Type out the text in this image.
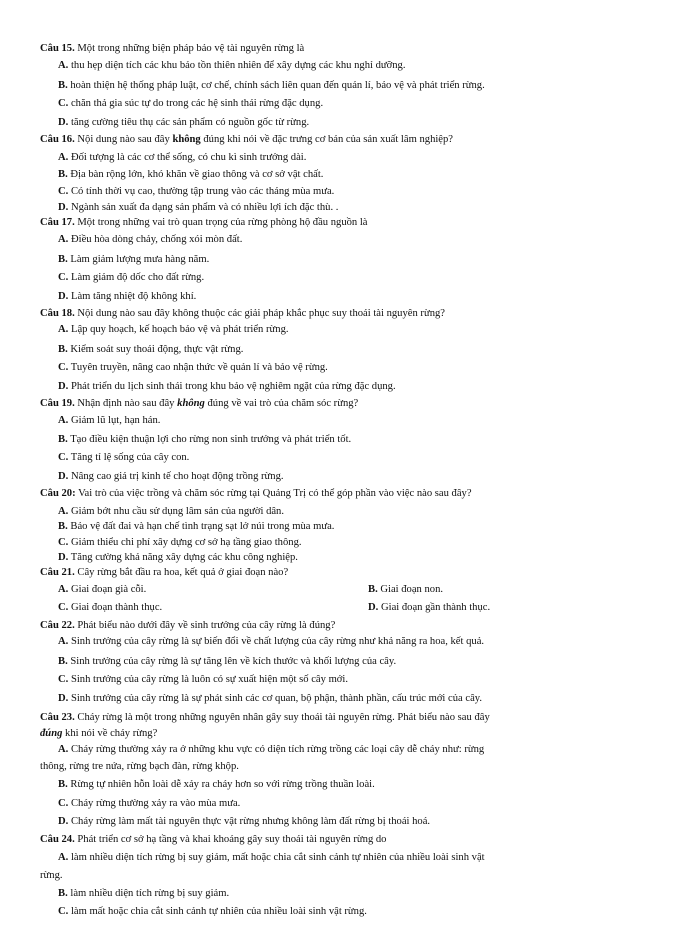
Câu 15. Một trong những biện pháp bảo vệ tài nguyên rừng là
A. thu hẹp diện tích các khu bảo tồn thiên nhiên để xây dựng các khu nghỉ dưỡng.
B. hoàn thiện hệ thống pháp luật, cơ chế, chính sách liên quan đến quản lí, bảo vệ và phát triển rừng.
C. chăn thả gia súc tự do trong các hệ sinh thái rừng đặc dụng.
D. tăng cường tiêu thụ các sản phẩm có nguồn gốc từ rừng.
Câu 16. Nội dung nào sau đây không đúng khi nói về đặc trưng cơ bản của sản xuất lâm nghiệp?
A. Đối tượng là các cơ thể sống, có chu kì sinh trưởng dài.
B. Địa bàn rộng lớn, khó khăn về giao thông và cơ sở vật chất.
C. Có tính thời vụ cao, thường tập trung vào các tháng mùa mưa.
D. Ngành sản xuất đa dạng sản phẩm và có nhiều lợi ích đặc thù. .
Câu 17. Một trong những vai trò quan trọng của rừng phòng hộ đầu nguồn là
A. Điều hòa dòng chảy, chống xói mòn đất.
B. Làm giảm lượng mưa hàng năm.
C. Làm giảm độ dốc cho đất rừng.
D. Làm tăng nhiệt độ không khí.
Câu 18. Nội dung nào sau đây không thuộc các giải pháp khắc phục suy thoái tài nguyên rừng?
A. Lập quy hoạch, kế hoạch bảo vệ và phát triển rừng.
B. Kiểm soát suy thoái động, thực vật rừng.
C. Tuyên truyền, nâng cao nhận thức về quản lí và bảo vệ rừng.
D. Phát triển du lịch sinh thái trong khu bảo vệ nghiêm ngặt của rừng đặc dụng.
Câu 19. Nhận định nào sau đây không đúng về vai trò của chăm sóc rừng?
A. Giảm lũ lụt, hạn hán.
B. Tạo điều kiện thuận lợi cho rừng non sinh trưởng và phát triển tốt.
C. Tăng tỉ lệ sống của cây con.
D. Nâng cao giá trị kinh tế cho hoạt động trồng rừng.
Câu 20: Vai trò của việc trồng và chăm sóc rừng tại Quảng Trị có thể góp phần vào việc nào sau đây?
A. Giảm bớt nhu cầu sử dụng lâm sản của người dân.
B. Bảo vệ đất đai và hạn chế tình trạng sạt lở núi trong mùa mưa.
C. Giảm thiểu chi phí xây dựng cơ sở hạ tầng giao thông.
D. Tăng cường khả năng xây dựng các khu công nghiệp.
Câu 21. Cây rừng bắt đầu ra hoa, kết quả ở giai đoạn nào?
A. Giai đoạn già cỗi.	B. Giai đoạn non.
C. Giai đoạn thành thục.	D. Giai đoạn gần thành thục.
Câu 22. Phát biểu nào dưới đây về sinh trưởng của cây rừng là đúng?
A. Sinh trưởng của cây rừng là sự biến đổi về chất lượng của cây rừng như khả năng ra hoa, kết quả.
B. Sinh trưởng của cây rừng là sự tăng lên về kích thước và khối lượng của cây.
C. Sinh trưởng của cây rừng là luôn có sự xuất hiện một số cây mới.
D. Sinh trưởng của cây rừng là sự phát sinh các cơ quan, bộ phận, thành phần, cấu trúc mới của cây.
Câu 23. Cháy rừng là một trong những nguyên nhân gây suy thoái tài nguyên rừng. Phát biểu nào sau đây
đúng khi nói về cháy rừng?
A. Cháy rừng thường xảy ra ở những khu vực có diện tích rừng trồng các loại cây dễ cháy như: rừng
thông, rừng tre nứa, rừng bạch đàn, rừng khộp.
B. Rừng tự nhiên hỗn loài dễ xảy ra cháy hơn so với rừng trồng thuần loài.
C. Cháy rừng thường xảy ra vào mùa mưa.
D. Cháy rừng làm mất tài nguyên thực vật rừng nhưng không làm đất rừng bị thoái hoá.
Câu 24. Phát triển cơ sở hạ tầng và khai khoáng gây suy thoái tài nguyên rừng do
A. làm nhiều diện tích rừng bị suy giảm, mất hoặc chia cắt sinh cảnh tự nhiên của nhiều loài sinh vật
rừng.
B. làm nhiều diện tích rừng bị suy giảm.
C. làm mất hoặc chia cắt sinh cảnh tự nhiên của nhiều loài sinh vật rừng.
